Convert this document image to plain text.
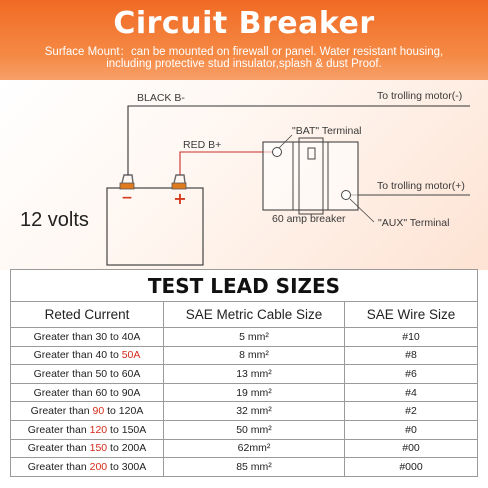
Circuit Breaker
Surface Mount：can be mounted on firewall or panel. Water resistant housing,
including protective stud insulator,splash & dust Proof.
−	+
BLACK B-	To trolling motor(-)
RED B+
"BAT" Terminal
To trolling motor(+)
60 amp breaker	"AUX" Terminal
12 volts
TEST LEAD SIZES		
Reted Current	SAE Metric Cable Size	SAE Wire Size
Greater than 30 to 40A	5 mm²	#10
Greater than 40 to 50A	8 mm²	#8
Greater than 50 to 60A	13 mm²	#6
Greater than 60 to 90A	19 mm²	#4
Greater than 90 to 120A	32 mm²	#2
Greater than 120 to 150A	50 mm²	#0
Greater than 150 to 200A	62mm²	#00
Greater than 200 to 300A	85 mm²	#000
